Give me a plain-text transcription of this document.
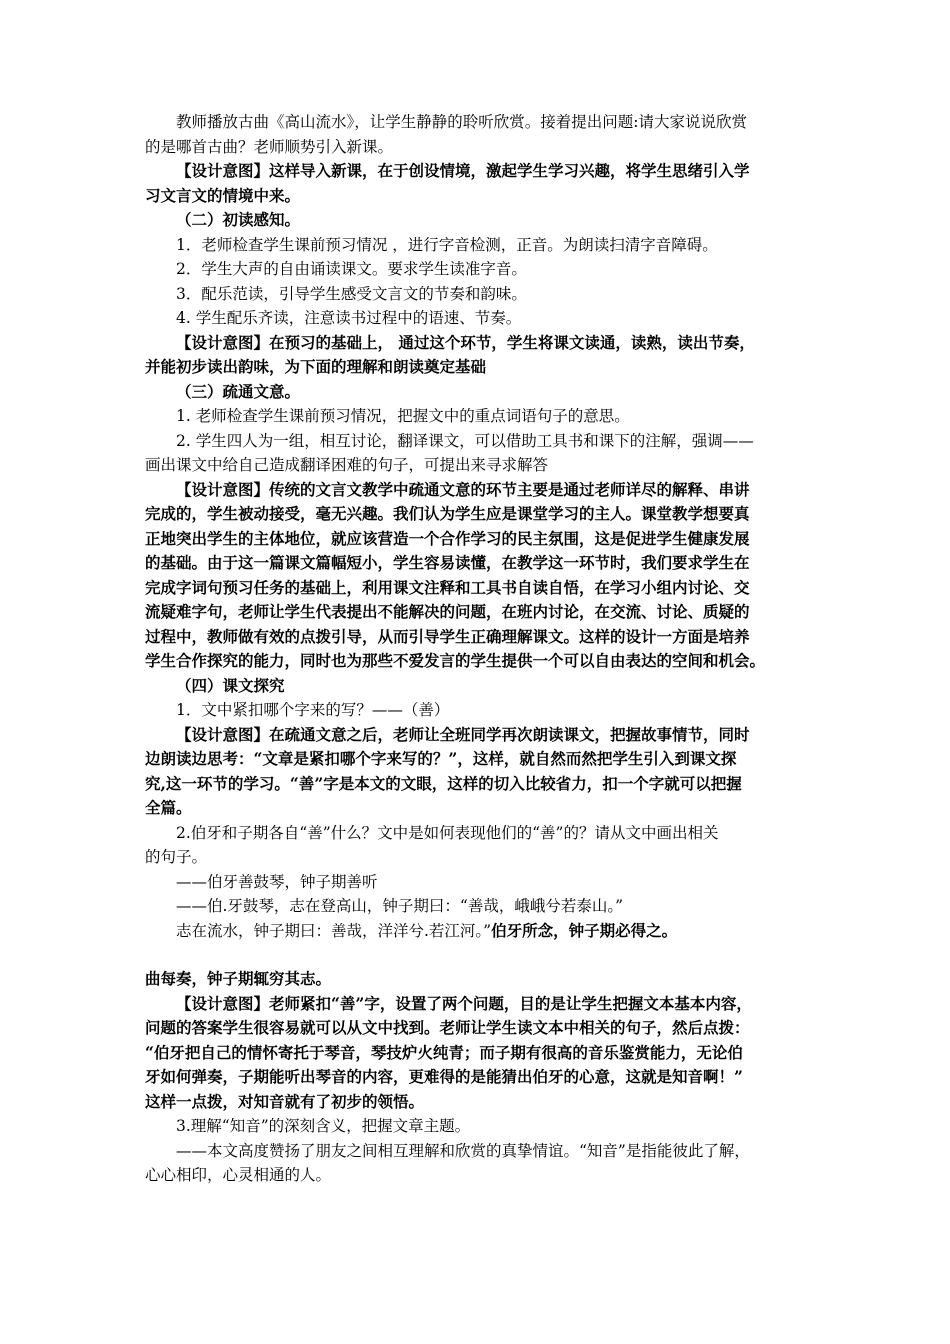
教师播放古曲《高山流水》，让学生静静的聆听欣赏。接着提出问题:请大家说说欣赏
的是哪首古曲？老师顺势引入新课。
【设计意图】这样导入新课，在于创设情境，激起学生学习兴趣，将学生思绪引入学
习文言文的情境中来。
（二）初读感知。
1．老师检查学生课前预习情况 ，进行字音检测，正音。为朗读扫清字音障碍。
2．学生大声的自由诵读课文。要求学生读准字音。
3．配乐范读，引导学生感受文言文的节奏和韵味。
4. 学生配乐齐读，注意读书过程中的语速、节奏。
【设计意图】在预习的基础上， 通过这个环节，学生将课文读通，读熟，读出节奏，
并能初步读出韵味，为下面的理解和朗读奠定基础
（三）疏通文意。
1. 老师检查学生课前预习情况，把握文中的重点词语句子的意思。
2. 学生四人为一组，相互讨论，翻译课文，可以借助工具书和课下的注解，强调——
画出课文中给自己造成翻译困难的句子，可提出来寻求解答
【设计意图】传统的文言文教学中疏通文意的环节主要是通过老师详尽的解释、串讲
完成的，学生被动接受，毫无兴趣。我们认为学生应是课堂学习的主人。课堂教学想要真
正地突出学生的主体地位，就应该营造一个合作学习的民主氛围，这是促进学生健康发展
的基础。由于这一篇课文篇幅短小，学生容易读懂，在教学这一环节时，我们要求学生在
完成字词句预习任务的基础上，利用课文注释和工具书自读自悟，在学习小组内讨论、交
流疑难字句，老师让学生代表提出不能解决的问题，在班内讨论，在交流、讨论、质疑的
过程中，教师做有效的点拨引导，从而引导学生正确理解课文。这样的设计一方面是培养
学生合作探究的能力，同时也为那些不爱发言的学生提供一个可以自由表达的空间和机会。
（四）课文探究
1．文中紧扣哪个字来的写？——（善）
【设计意图】在疏通文意之后，老师让全班同学再次朗读课文，把握故事情节，同时
边朗读边思考：“文章是紧扣哪个字来写的？”，这样，就自然而然把学生引入到课文探
究,这一环节的学习。“善”字是本文的文眼，这样的切入比较省力，扣一个字就可以把握
全篇。
2.伯牙和子期各自“善”什么？文中是如何表现他们的“善”的？请从文中画出相关
的句子。
——伯牙善鼓琴，钟子期善听
——伯.牙鼓琴，志在登高山，钟子期曰：“善哉，峨峨兮若泰山。”
志在流水，钟子期曰：善哉，洋洋兮.若江河。”伯牙所念，钟子期必得之。
曲每奏，钟子期辄穷其志。
【设计意图】老师紧扣“善”字，设置了两个问题，目的是让学生把握文本基本内容，
问题的答案学生很容易就可以从文中找到。老师让学生读文本中相关的句子，然后点拨：
“伯牙把自己的情怀寄托于琴音，琴技炉火纯青；而子期有很高的音乐鉴赏能力，无论伯
牙如何弹奏，子期能听出琴音的内容，更难得的是能猜出伯牙的心意，这就是知音啊！”
这样一点拨，对知音就有了初步的领悟。
3.理解“知音”的深刻含义，把握文章主题。
——本文高度赞扬了朋友之间相互理解和欣赏的真挚情谊。“知音”是指能彼此了解，
心心相印，心灵相通的人。
